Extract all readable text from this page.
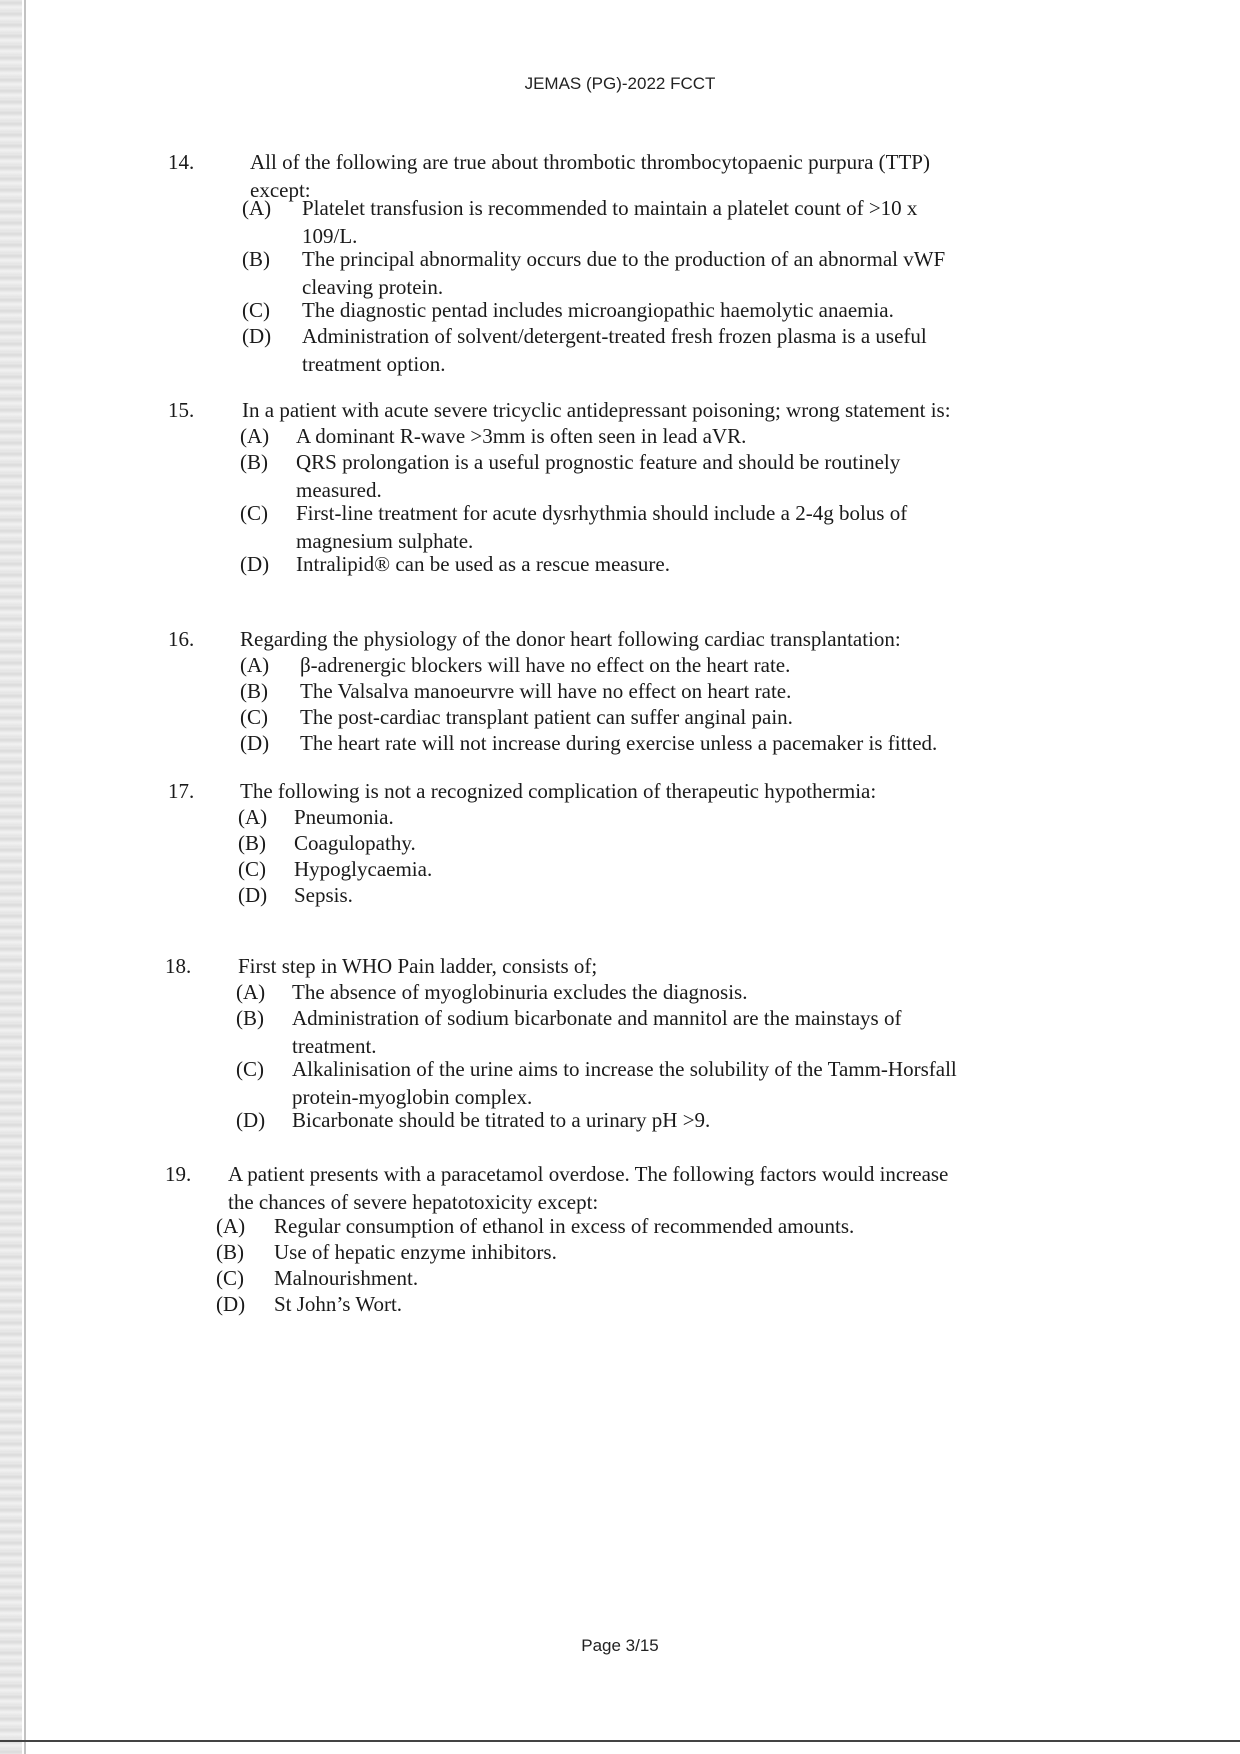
JEMAS (PG)-2022 FCCT
14.	All of the following are true about thrombotic thrombocytopaenic purpura (TTP)
except:
(A) Platelet transfusion is recommended to maintain a platelet count of >10 x
109/L.
(B) The principal abnormality occurs due to the production of an abnormal vWF
cleaving protein.
(C) The diagnostic pentad includes microangiopathic haemolytic anaemia.
(D) Administration of solvent/detergent-treated fresh frozen plasma is a useful
treatment option.
15. In a patient with acute severe tricyclic antidepressant poisoning; wrong statement is:
(A) A dominant R-wave >3mm is often seen in lead aVR.
(B) QRS prolongation is a useful prognostic feature and should be routinely
measured.
(C) First-line treatment for acute dysrhythmia should include a 2-4g bolus of
magnesium sulphate.
(D) Intralipid® can be used as a rescue measure.
16. Regarding the physiology of the donor heart following cardiac transplantation:
(A) β-adrenergic blockers will have no effect on the heart rate.
(B) The Valsalva manoeurvre will have no effect on heart rate.
(C) The post-cardiac transplant patient can suffer anginal pain.
(D) The heart rate will not increase during exercise unless a pacemaker is fitted.
17. The following is not a recognized complication of therapeutic hypothermia:
(A) Pneumonia.
(B) Coagulopathy.
(C) Hypoglycaemia.
(D) Sepsis.
18. First step in WHO Pain ladder, consists of;
(A) The absence of myoglobinuria excludes the diagnosis.
(B) Administration of sodium bicarbonate and mannitol are the mainstays of
treatment.
(C) Alkalinisation of the urine aims to increase the solubility of the Tamm-Horsfall
protein-myoglobin complex.
(D) Bicarbonate should be titrated to a urinary pH >9.
19. A patient presents with a paracetamol overdose. The following factors would increase
the chances of severe hepatotoxicity except:
(A) Regular consumption of ethanol in excess of recommended amounts.
(B) Use of hepatic enzyme inhibitors.
(C) Malnourishment.
(D) St John’s Wort.
Page 3/15
